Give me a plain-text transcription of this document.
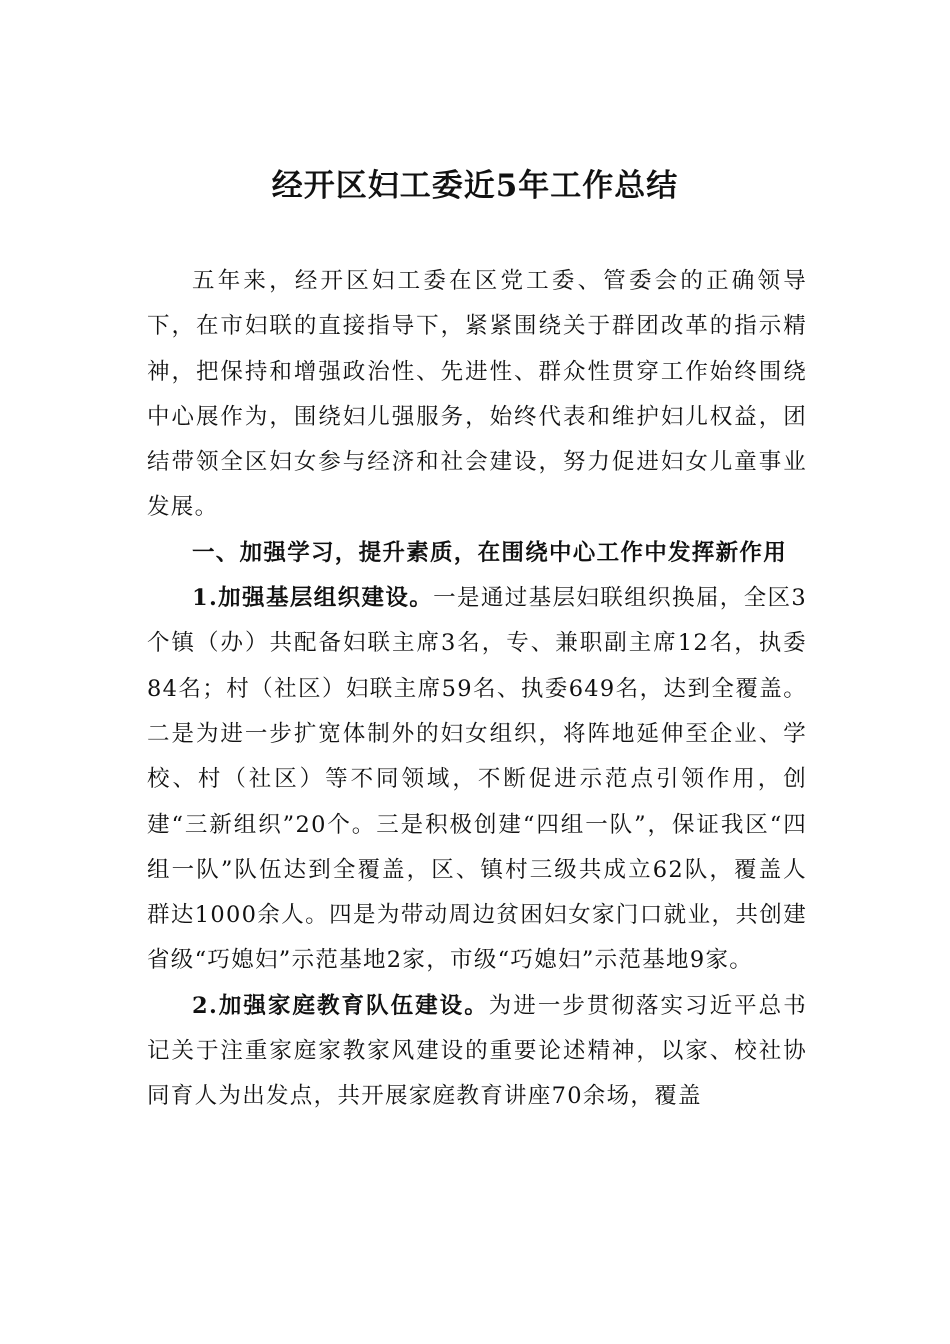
经开区妇工委近5年工作总结

五年来，经开区妇工委在区党工委、管委会的正确领导下，在市妇联的直接指导下，紧紧围绕关于群团改革的指示精神，把保持和增强政治性、先进性、群众性贯穿工作始终围绕中心展作为，围绕妇儿强服务，始终代表和维护妇儿权益，团结带领全区妇女参与经济和社会建设，努力促进妇女儿童事业发展。

一、加强学习，提升素质，在围绕中心工作中发挥新作用

1.加强基层组织建设。一是通过基层妇联组织换届，全区3个镇（办）共配备妇联主席3名，专、兼职副主席12名，执委84名；村（社区）妇联主席59名、执委649名，达到全覆盖。二是为进一步扩宽体制外的妇女组织，将阵地延伸至企业、学校、村（社区）等不同领域，不断促进示范点引领作用，创建“三新组织”20个。三是积极创建“四组一队”，保证我区“四组一队”队伍达到全覆盖，区、镇村三级共成立62队，覆盖人群达1000余人。四是为带动周边贫困妇女家门口就业，共创建省级“巧媳妇”示范基地2家，市级“巧媳妇”示范基地9家。

2.加强家庭教育队伍建设。为进一步贯彻落实习近平总书记关于注重家庭家教家风建设的重要论述精神，以家、校社协同育人为出发点，共开展家庭教育讲座70余场，覆盖
